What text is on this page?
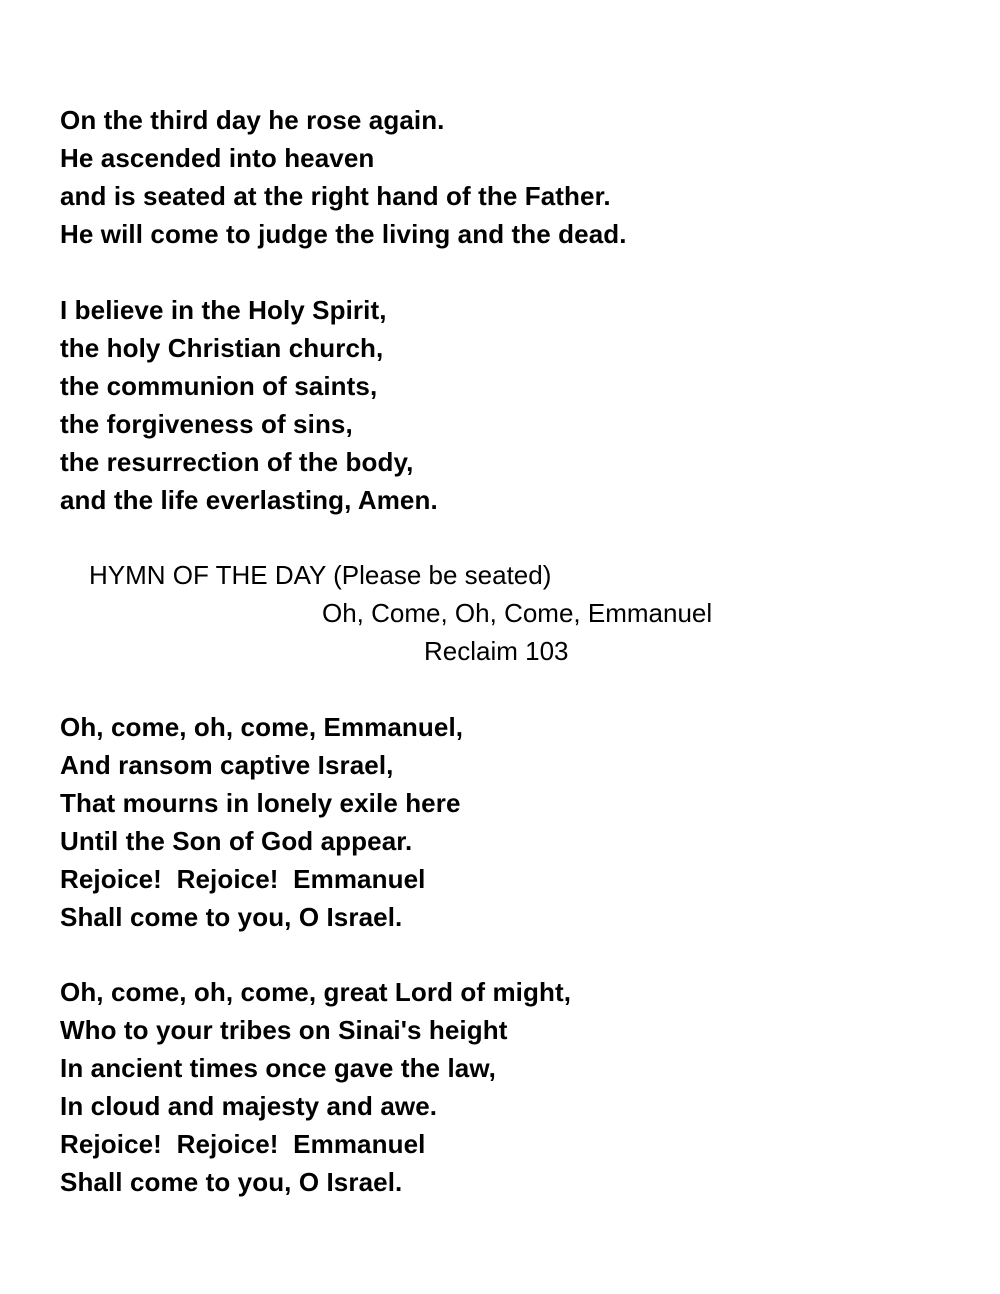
On the third day he rose again.
He ascended into heaven
and is seated at the right hand of the Father.
He will come to judge the living and the dead.
I believe in the Holy Spirit,
the holy Christian church,
the communion of saints,
the forgiveness of sins,
the resurrection of the body,
and the life everlasting, Amen.
HYMN OF THE DAY (Please be seated)
Oh, Come, Oh, Come, Emmanuel
Reclaim 103
Oh, come, oh, come, Emmanuel,
And ransom captive Israel,
That mourns in lonely exile here
Until the Son of God appear.
Rejoice!  Rejoice!  Emmanuel
Shall come to you, O Israel.
Oh, come, oh, come, great Lord of might,
Who to your tribes on Sinai's height
In ancient times once gave the law,
In cloud and majesty and awe.
Rejoice!  Rejoice!  Emmanuel
Shall come to you, O Israel.
